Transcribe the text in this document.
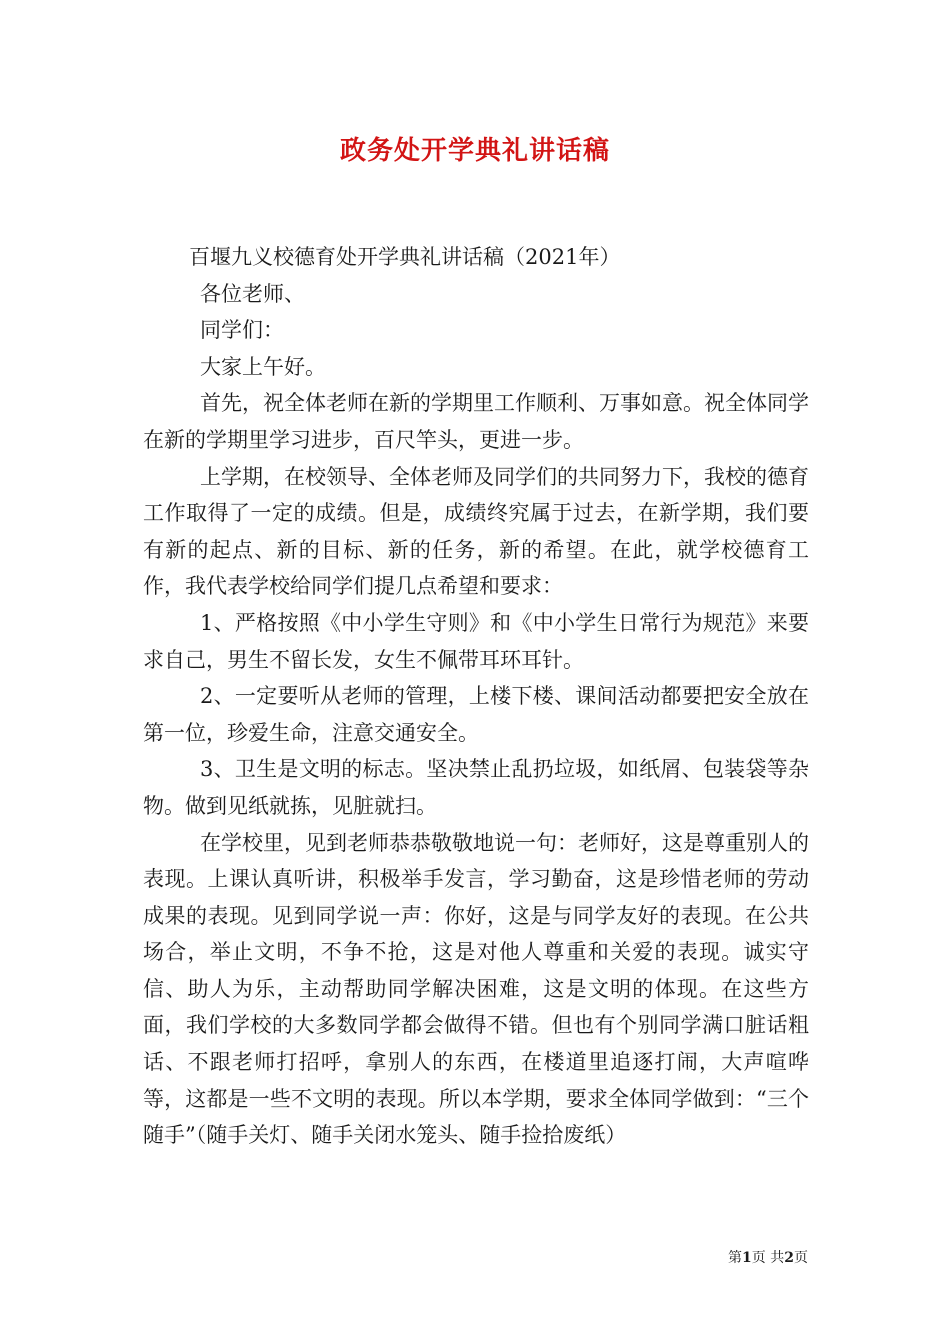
政务处开学典礼讲话稿

百堰九义校德育处开学典礼讲话稿（2021年）

各位老师、

同学们：

大家上午好。

首先，祝全体老师在新的学期里工作顺利、万事如意。祝全体同学在新的学期里学习进步，百尺竿头，更进一步。

上学期，在校领导、全体老师及同学们的共同努力下，我校的德育工作取得了一定的成绩。但是，成绩终究属于过去，在新学期，我们要有新的起点、新的目标、新的任务，新的希望。在此，就学校德育工作，我代表学校给同学们提几点希望和要求：

1、严格按照《中小学生守则》和《中小学生日常行为规范》来要求自己，男生不留长发，女生不佩带耳环耳针。

2、一定要听从老师的管理，上楼下楼、课间活动都要把安全放在第一位，珍爱生命，注意交通安全。

3、卫生是文明的标志。坚决禁止乱扔垃圾，如纸屑、包装袋等杂物。做到见纸就拣，见脏就扫。

在学校里，见到老师恭恭敬敬地说一句：老师好，这是尊重别人的表现。上课认真听讲，积极举手发言，学习勤奋，这是珍惜老师的劳动成果的表现。见到同学说一声：你好，这是与同学友好的表现。在公共场合，举止文明，不争不抢，这是对他人尊重和关爱的表现。诚实守信、助人为乐，主动帮助同学解决困难，这是文明的体现。在这些方面，我们学校的大多数同学都会做得不错。但也有个别同学满口脏话粗话、不跟老师打招呼，拿别人的东西，在楼道里追逐打闹，大声喧哗等，这都是一些不文明的表现。所以本学期，要求全体同学做到：“三个随手”（随手关灯、随手关闭水笼头、随手捡拾废纸）

第1页 共2页
